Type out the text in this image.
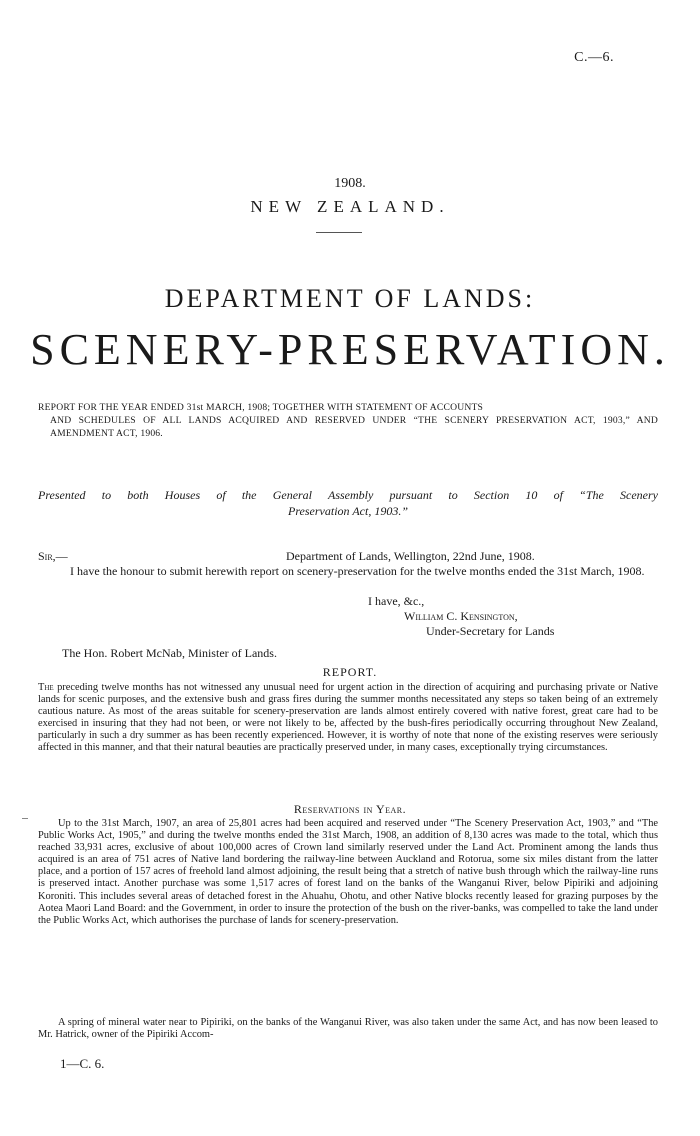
C.—6.
1908.
NEW ZEALAND.
DEPARTMENT OF LANDS:
SCENERY-PRESERVATION.
REPORT FOR THE YEAR ENDED 31st MARCH, 1908; TOGETHER WITH STATEMENT OF ACCOUNTS
AND SCHEDULES OF ALL LANDS ACQUIRED AND RESERVED UNDER “THE SCENERY PRESERVATION ACT, 1903,” AND AMENDMENT ACT, 1906.
Presented to both Houses of the General Assembly pursuant to Section 10 of “The Scenery
Preservation Act, 1903.”
Sir,—	Department of Lands, Wellington, 22nd June, 1908.
I have the honour to submit herewith report on scenery-preservation for the twelve months ended the 31st March, 1908.
I have, &c.,
William C. Kensington,
Under-Secretary for Lands
The Hon. Robert McNab, Minister of Lands.
REPORT.
The preceding twelve months has not witnessed any unusual need for urgent action in the direction of acquiring and purchasing private or Native lands for scenic purposes, and the extensive bush and grass fires during the summer months necessitated any steps so taken being of an extremely cautious nature. As most of the areas suitable for scenery-preservation are lands almost entirely covered with native forest, great care had to be exercised in insuring that they had not been, or were not likely to be, affected by the bush-fires periodically occurring throughout New Zealand, particularly in such a dry summer as has been recently experienced. However, it is worthy of note that none of the existing reserves were seriously affected in this manner, and that their natural beauties are practically preserved under, in many cases, exceptionally trying circumstances.
Reservations in Year.
Up to the 31st March, 1907, an area of 25,801 acres had been acquired and reserved under “The Scenery Preservation Act, 1903,” and “The Public Works Act, 1905,” and during the twelve months ended the 31st March, 1908, an addition of 8,130 acres was made to the total, which thus reached 33,931 acres, exclusive of about 100,000 acres of Crown land similarly reserved under the Land Act. Prominent among the lands thus acquired is an area of 751 acres of Native land bordering the railway-line between Auckland and Rotorua, some six miles distant from the latter place, and a portion of 157 acres of freehold land almost adjoining, the result being that a stretch of native bush through which the railway-line runs is preserved intact. Another purchase was some 1,517 acres of forest land on the banks of the Wanganui River, below Pipiriki and adjoining Koroniti. This includes several areas of detached forest in the Ahuahu, Ohotu, and other Native blocks recently leased for grazing purposes by the Aotea Maori Land Board: and the Government, in order to insure the protection of the bush on the river-banks, was compelled to take the land under the Public Works Act, which authorises the purchase of lands for scenery-preservation.
A spring of mineral water near to Pipiriki, on the banks of the Wanganui River, was also taken under the same Act, and has now been leased to Mr. Hatrick, owner of the Pipiriki Accom-
1—C. 6.
